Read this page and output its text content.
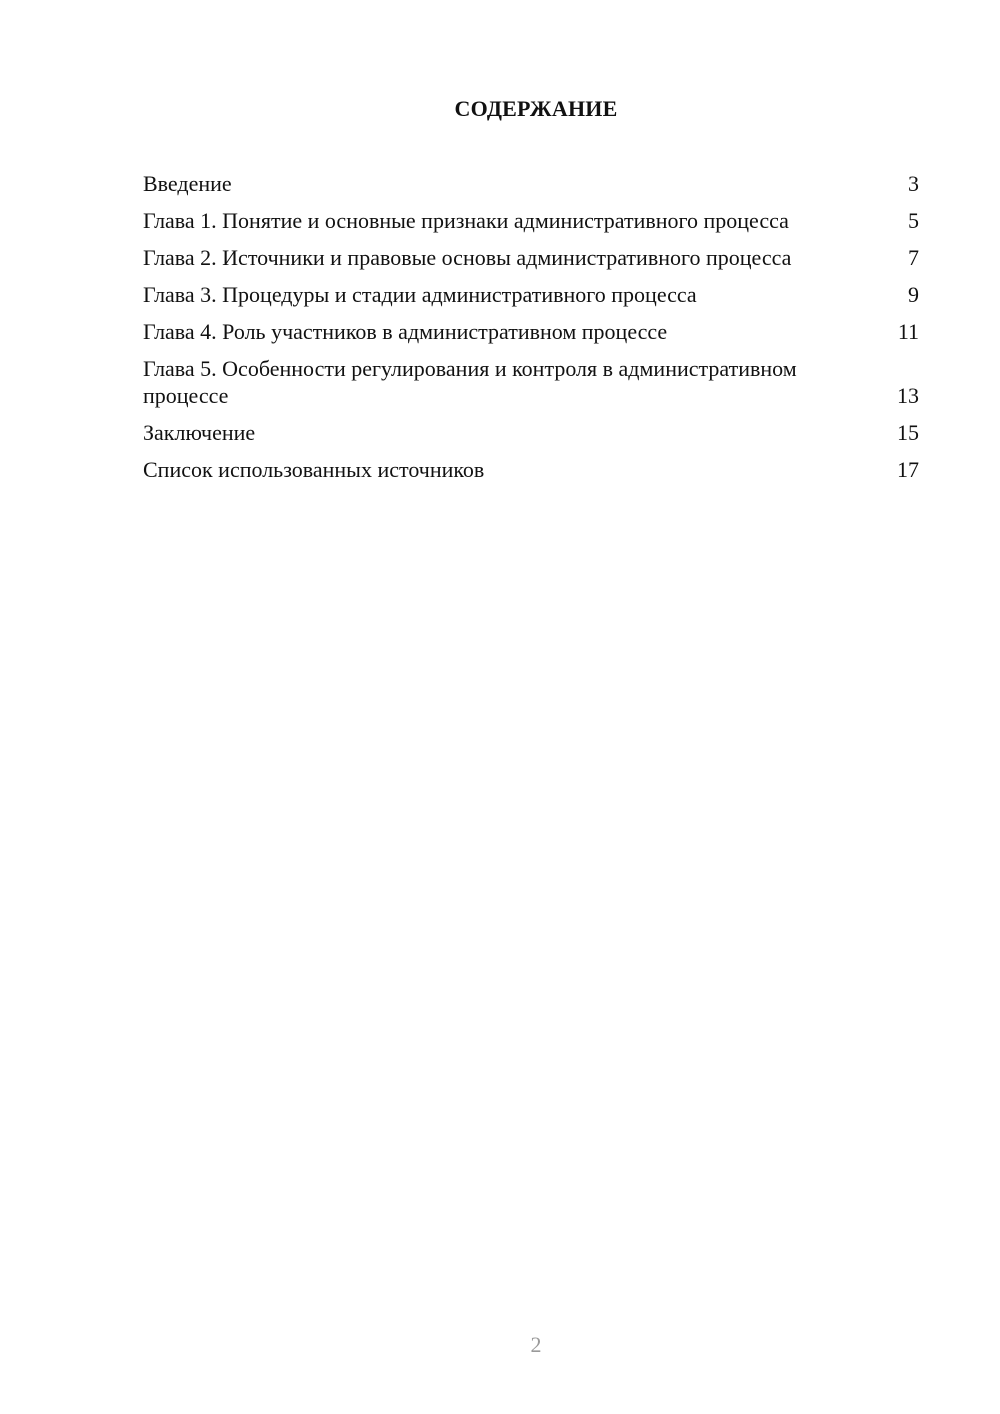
СОДЕРЖАНИЕ
Введение	3
Глава 1. Понятие и основные признаки административного процесса	5
Глава 2. Источники и правовые основы административного процесса	7
Глава 3. Процедуры и стадии административного процесса	9
Глава 4. Роль участников в административном процессе	11
Глава 5. Особенности регулирования и контроля в административном процессе	13
Заключение	15
Список использованных источников	17
2
